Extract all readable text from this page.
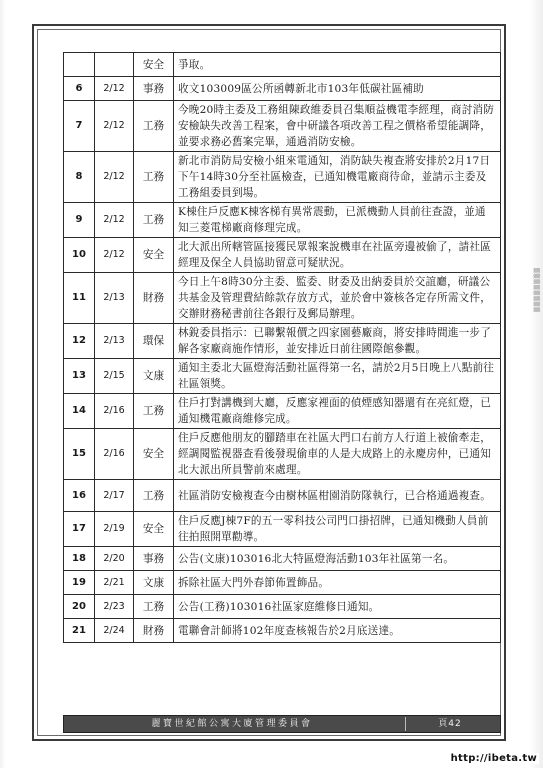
		安全	爭取。
6	2/12	事務	收文103009區公所函轉新北市103年低碳社區補助
7	2/12	工務	今晚20時主委及工務組陳政維委員召集順益機電李經理，商討消防安檢缺失改善工程案，會中研議各項改善工程之價格希望能調降，並要求務必舊案完畢，通過消防安檢。
8	2/12	工務	新北市消防局安檢小組來電通知，消防缺失複查將安排於2月17日下午14時30分至社區檢查，已通知機電廠商待命，並請示主委及工務組委員到場。
9	2/12	工務	K棟住戶反應K棟客梯有異常震動，已派機動人員前往查證，並通知三菱電梯廠商修理完成。
10	2/12	安全	北大派出所轄管區接獲民眾報案說機車在社區旁邊被偷了，請社區經理及保全人員協助留意可疑狀況。
11	2/13	財務	今日上午8時30分主委、監委、財委及出納委員於交誼廳，研議公共基金及管理費結餘款存放方式，並於會中簽核各定存所需文件，交辦財務秘書前往各銀行及郵局辦理。
12	2/13	環保	林銳委員指示：已聯繫報價之四家園藝廠商，將安排時間進一步了解各家廠商施作情形，並安排近日前往國際館參觀。
13	2/15	文康	通知主委北大區燈海活動社區得第一名，請於2月5日晚上八點前往社區領獎。
14	2/16	工務	住戶打對講機到大廳，反應家裡面的偵煙感知器還有在亮紅燈，已通知機電廠商維修完成。
15	2/16	安全	住戶反應他朋友的腳踏車在社區大門口右前方人行道上被偷牽走，經調閱監視器查看後發現偷車的人是大成路上的永慶房仲，已通知北大派出所員警前來處理。
16	2/17	工務	社區消防安檢複查今由樹林區柑園消防隊執行，已合格通過複查。
17	2/19	安全	住戶反應J棟7F的五一零科技公司門口掛招牌，已通知機動人員前往拍照開單勸導。
18	2/20	事務	公告(文康)103016北大特區燈海活動103年社區第一名。
19	2/21	文康	拆除社區大門外春節佈置飾品。
20	2/23	工務	公告(工務)103016社區家庭維修日通知。
21	2/24	財務	電聯會計師將102年度查核報告於2月底送達。
▒▒▒▒▒▒▒▒
麗寶世紀館公寓大廈管理委員會	頁42
http://ibeta.tw
